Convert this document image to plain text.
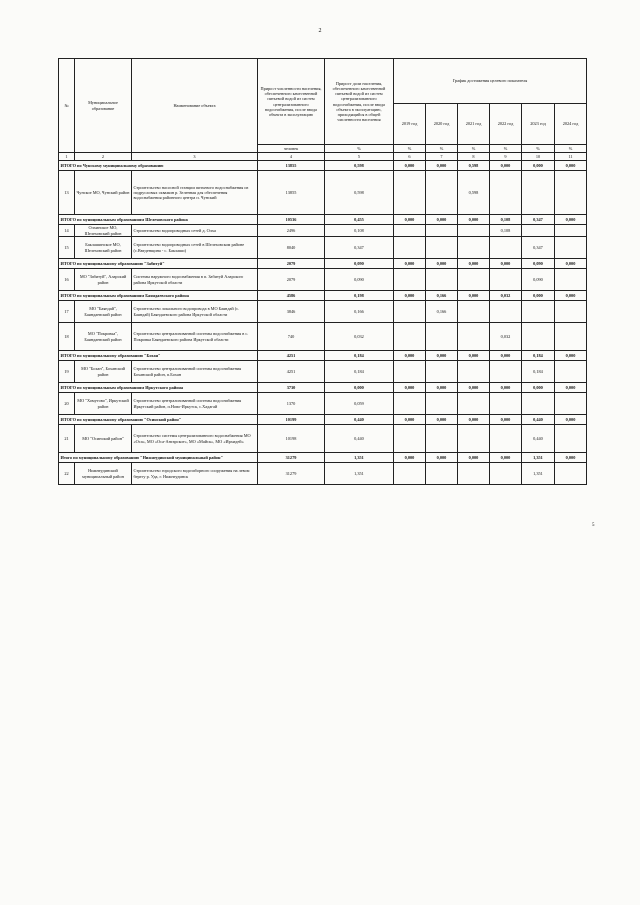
2
№	Муниципальное образование	Наименование объекта	Прирост численности населения, обеспеченного качественной питьевой водой из систем централизованного водоснабжения, после ввода объекта в эксплуатацию	Прирост доли населения, обеспеченного качественной питьевой водой из систем централизованного водоснабжения, после ввода объекта в эксплуатацию, приходящийся в общей численности населения	График достижения целевого показателя					
					2019 год	2020 год	2021 год	2022 год	2023 год	2024 год
			человек	%	%	%	%	%	%	%
1	2	3	4	5	6	7	8	9	10	11
ИТОГО по Чунскому муниципальному образованию			13855	0,598	0,000	0,000	0,598	0,000	0,000	0,000
13	Чунское МО, Чунский район	Строительство насосной станции питьевого водоснабжения из подрусловых скважин р. Зеленная для обеспечения водоснабжения районного центра п. Чунский	13855	0,598			0,598			
ИТОГО по муниципальным образованиям Шелеховского района			10536	0,455	0,000	0,000	0,000	0,108	0,347	0,000
14	Олхинское МО, Шелеховский район	Строительство водопроводных сетей д. Олха	2496	0,108				0,108		
15	Баклашинское МО, Шелеховский район	Строительство водопроводных сетей в Шелеховском районе (с.Введенщина - с. Баклаши)	8040	0,347					0,347	
ИТОГО по муниципальному образованию "Забитуй"			2079	0,090	0,000	0,000	0,000	0,000	0,090	0,000
16	МО "Забитуй", Аларский район	Системы наружного водоснабжения в п. Забитуй Аларского района Иркутской области	2079	0,090					0,090	
ИТОГО по муниципальным образованиям Баяндаевского района			4586	0,198	0,000	0,166	0,000	0,032	0,000	0,000
17	МО "Баяндай", Баяндаевский район	Строительство локального водопровода в МО Баяндай (с. Баяндай) Баяндаевского района Иркутской области	3846	0,166		0,166				
18	МО "Покровка", Баяндаевский район	Строительство централизованной системы водоснабжения в с. Покровка Баяндаевского района Иркутской области	740	0,032				0,032		
ИТОГО по муниципальному образованию "Бохан"			4251	0,184	0,000	0,000	0,000	0,000	0,184	0,000
19	МО "Бохан", Боханский район	Строительство централизованной системы водоснабжения Боханский район, п.Бохан	4251	0,184					0,184	
ИТОГО по муниципальным образованиям Иркутского района			3730	0,000	0,000	0,000	0,000	0,000	0,000	0,000
20	МО "Хомутово", Иркутский район	Строительство централизованной системы водоснабжения Иркутский район, п.Ново-Иркутск, с.Хадагай	1370	0,059						
ИТОГО по муниципальному образованию "Осинский район"			10199	0,440	0,000	0,000	0,000	0,000	0,440	0,000
21	МО "Осинский район"	Строительство системы централизованного водоснабжения МО «Оса», МО «Оса-Ангарское», МО «Майск», МО «Ирхидей»	10198	0,440					0,440	
Итого по муниципальному образованию "Нижнеудинский муниципальный район"			31279	1,351	0,000	0,000	0,000	0,000	1,351	0,000
22	Нижнеудинский муниципальный район	Строительство городского водозаборного сооружения на левом берегу р. Уда, г. Нижнеудинск	31279	1,351					1,351	
5
